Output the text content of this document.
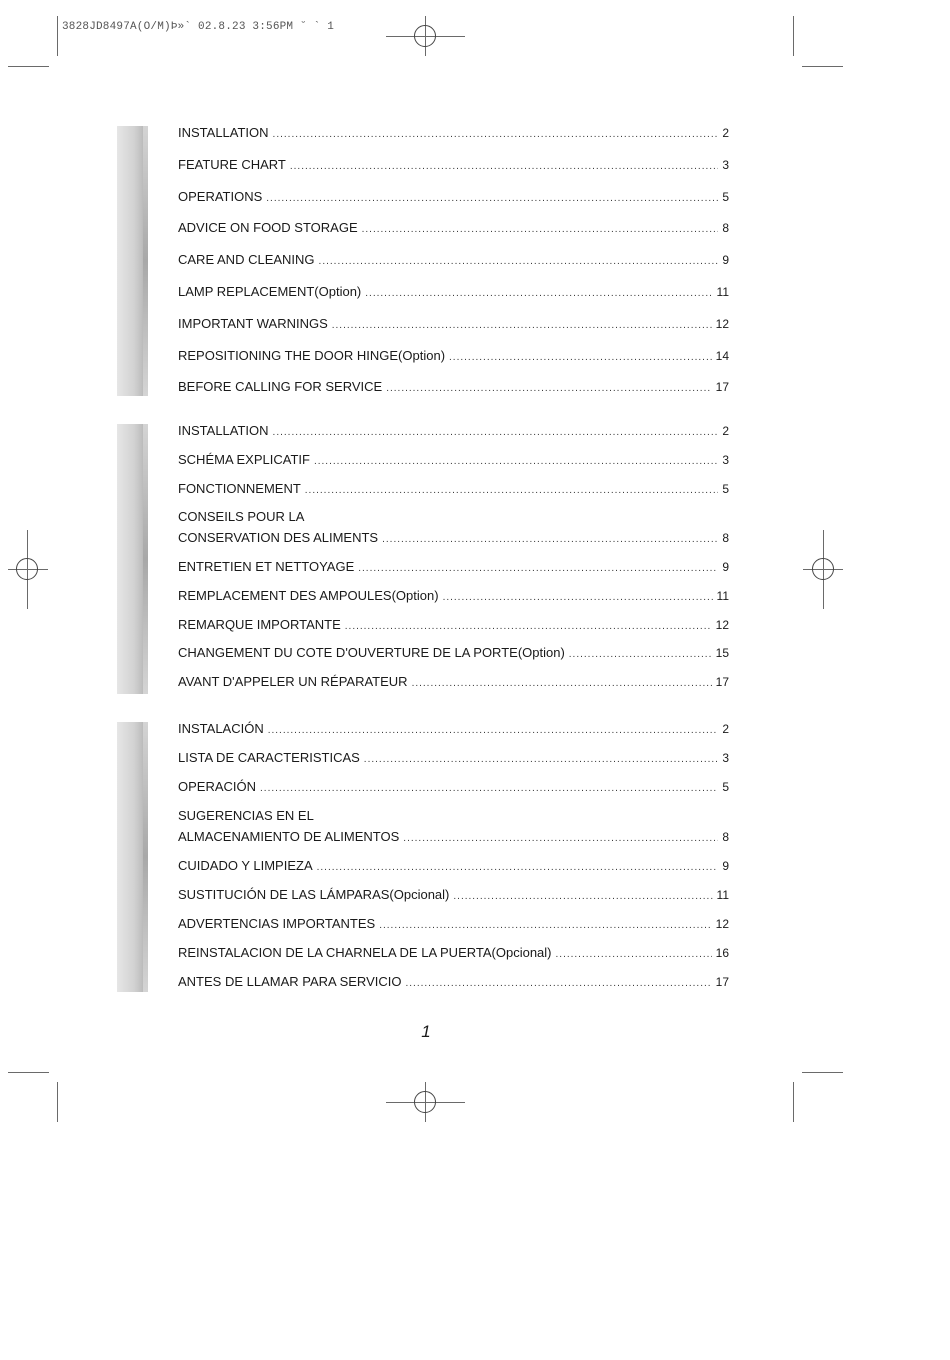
3828JD8497A(O/M)Þ»` 02.8.23 3:56PM ˘ ` 1
INSTALLATION .....	2
FEATURE CHART .....	3
OPERATIONS .....	5
ADVICE ON FOOD STORAGE .....	8
CARE AND CLEANING .....	9
LAMP REPLACEMENT(Option) .....	11
IMPORTANT WARNINGS .....	12
REPOSITIONING THE DOOR HINGE(Option) .....	14
BEFORE CALLING FOR SERVICE .....	17
INSTALLATION .....	2
SCHÉMA EXPLICATIF .....	3
FONCTIONNEMENT .....	5
CONSEILS POUR LA
CONSERVATION DES ALIMENTS .....	8
ENTRETIEN ET NETTOYAGE .....	9
REMPLACEMENT DES AMPOULES(Option) .....	11
REMARQUE IMPORTANTE .....	12
CHANGEMENT DU COTE D'OUVERTURE DE LA PORTE(Option) .....	15
AVANT D'APPELER UN RÉPARATEUR .....	17
INSTALACIÓN .....	2
LISTA DE CARACTERISTICAS .....	3
OPERACIÓN .....	5
SUGERENCIAS EN EL
ALMACENAMIENTO DE ALIMENTOS .....	8
CUIDADO Y LIMPIEZA .....	9
SUSTITUCIÓN DE LAS LÁMPARAS(Opcional) .....	11
ADVERTENCIAS IMPORTANTES .....	12
REINSTALACION DE LA CHARNELA DE LA PUERTA(Opcional) .....	16
ANTES DE LLAMAR PARA SERVICIO .....	17
1
